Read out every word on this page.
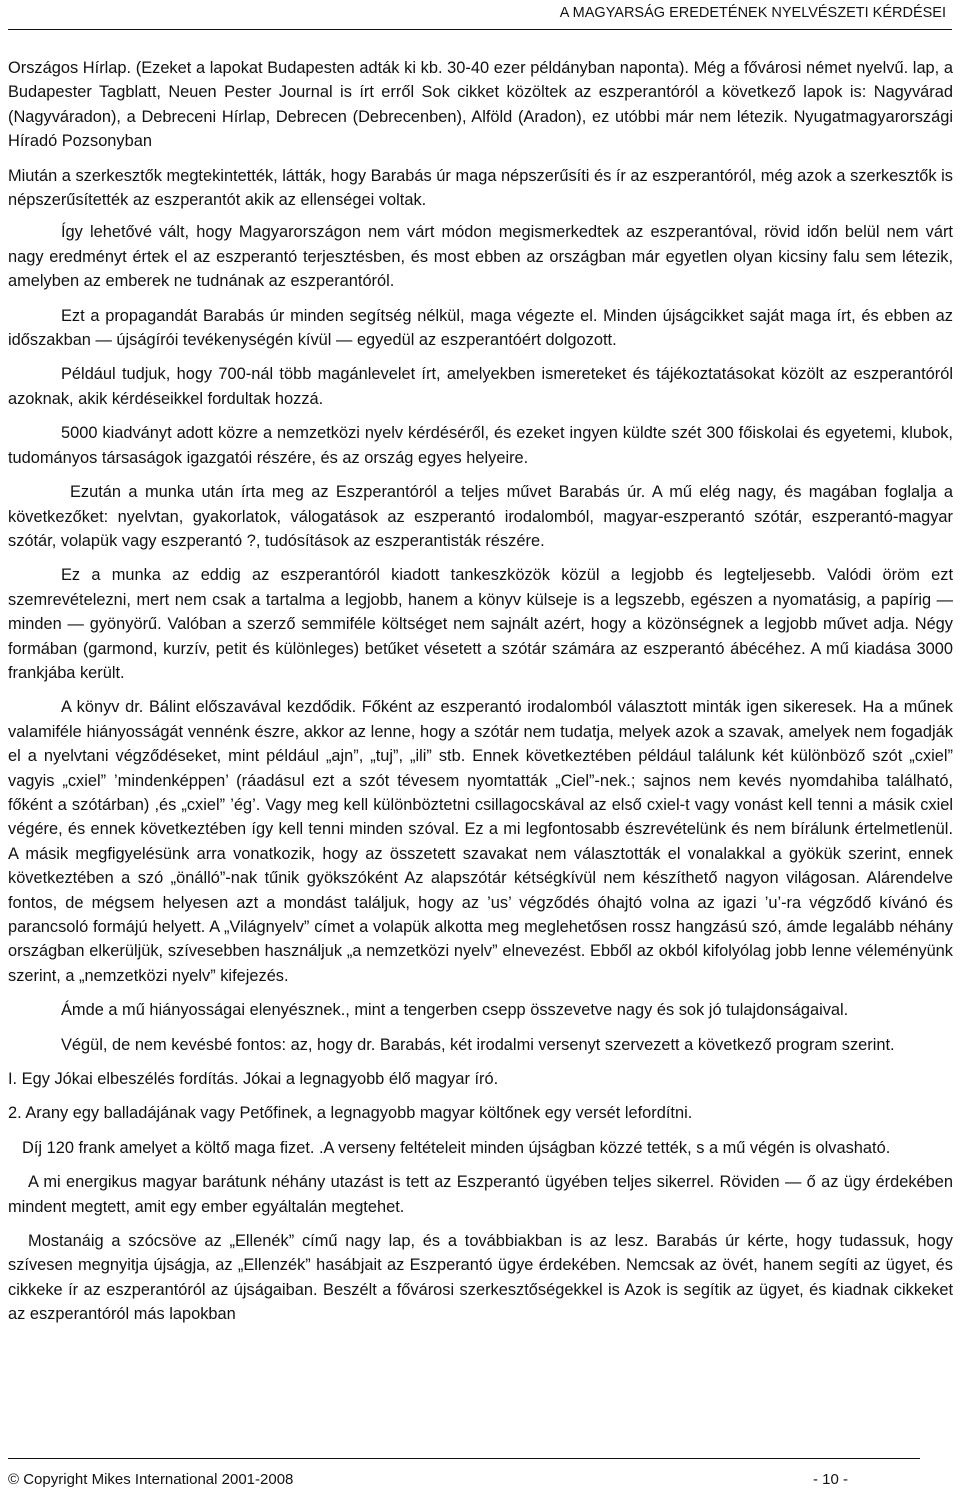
A MAGYARSÁG EREDETÉNEK NYELVÉSZETI KÉRDÉSEI

Országos Hírlap. (Ezeket a lapokat Budapesten adták ki kb. 30-40 ezer példányban naponta). Még a fővárosi német nyelvű. lap, a Budapester Tagblatt, Neuen Pester Journal is írt erről Sok cikket közöltek az eszperantóról a következő lapok is: Nagyvárad (Nagyváradon), a Debreceni Hírlap, Debrecen (Debrecenben), Alföld (Aradon), ez utóbbi már nem létezik. Nyugatmagyarországi Híradó Pozsonyban

Miután a szerkesztők megtekintették, látták, hogy Barabás úr maga népszerűsíti és ír az eszperantóról, még azok a szerkesztők is népszerűsítették az eszperantót akik az ellenségei voltak.

Így lehetővé vált, hogy Magyarországon nem várt módon megismerkedtek az eszperantóval, rövid időn belül nem várt nagy eredményt értek el az eszperantó terjesztésben, és most ebben az országban már egyetlen olyan kicsiny falu sem létezik, amelyben az emberek ne tudnának az eszperantóról.

Ezt a propagandát Barabás úr minden segítség nélkül, maga végezte el. Minden újságcikket saját maga írt, és ebben az időszakban — újságírói tevékenységén kívül — egyedül az eszperantóért dolgozott.

Például tudjuk, hogy 700-nál több magánlevelet írt, amelyekben ismereteket és tájékoztatásokat közölt az eszperantóról azoknak, akik kérdéseikkel fordultak hozzá.

5000 kiadványt adott közre a nemzetközi nyelv kérdéséről, és ezeket ingyen küldte szét 300 főiskolai és egyetemi, klubok, tudományos társaságok igazgatói részére, és az ország egyes helyeire.

Ezután a munka után írta meg az Eszperantóról a teljes művet Barabás úr. A mű elég nagy, és magában foglalja a következőket: nyelvtan, gyakorlatok, válogatások az eszperantó irodalomból, magyar-eszperantó szótár, eszperantó-magyar szótár, volapük vagy eszperantó ?, tudósítások az eszperantisták részére.

Ez a munka az eddig az eszperantóról kiadott tankeszközök közül a legjobb és legteljesebb. Valódi öröm ezt szemrevételezni, mert nem csak a tartalma a legjobb, hanem a könyv külseje is a legszebb, egészen a nyomatásig, a papírig — minden — gyönyörű. Valóban a szerző semmiféle költséget nem sajnált azért, hogy a közönségnek a legjobb művet adja. Négy formában (garmond, kurzív, petit és különleges) betűket vésetett a szótár számára az eszperantó ábécéhez. A mű kiadása 3000 frankjába került.

A könyv dr. Bálint előszavával kezdődik. Főként az eszperantó irodalomból választott minták igen sikeresek. Ha a műnek valamiféle hiányosságát vennénk észre, akkor az lenne, hogy a szótár nem tudatja, melyek azok a szavak, amelyek nem fogadják el a nyelvtani végződéseket, mint például „ajn”, „tuj”, „ili” stb. Ennek következtében például találunk két különböző szót „cxiel” vagyis „cxiel” ’mindenképpen’ (ráadásul ezt a szót tévesem nyomtatták „Ciel”-nek.; sajnos nem kevés nyomdahiba található, főként a szótárban) ,és „cxiel” ’ég’. Vagy meg kell különböztetni csillagocskával az első cxiel-t vagy vonást kell tenni a másik cxiel végére, és ennek következtében így kell tenni minden szóval. Ez a mi legfontosabb észrevételünk és nem bírálunk értelmetlenül. A másik megfigyelésünk arra vonatkozik, hogy az összetett szavakat nem választották el vonalakkal a gyökük szerint, ennek következtében a szó „önálló”-nak tűnik gyökszóként Az alapszótár kétségkívül nem készíthető nagyon világosan. Alárendelve fontos, de mégsem helyesen azt a mondást találjuk, hogy az ’us’ végződés óhajtó volna az igazi ’u’-ra végződő kívánó és parancsoló formájú helyett. A „Világnyelv” címet a volapük alkotta meg meglehetősen rossz hangzású szó, ámde legalább néhány országban elkerüljük, szívesebben használjuk „a nemzetközi nyelv” elnevezést. Ebből az okból kifolyólag jobb lenne véleményünk szerint, a „nemzetközi nyelv” kifejezés.

Ámde a mű hiányosságai elenyésznek., mint a tengerben csepp összevetve nagy és sok jó tulajdonságaival.

Végül, de nem kevésbé fontos: az, hogy dr. Barabás, két irodalmi versenyt szervezett a következő program szerint.

I. Egy Jókai elbeszélés fordítás. Jókai a legnagyobb élő magyar író.

2. Arany egy balladájának vagy Petőfinek, a legnagyobb magyar költőnek egy versét lefordítni.

Díj 120 frank amelyet a költő maga fizet. .A verseny feltételeit minden újságban közzé tették, s a mű végén is olvasható.

A mi energikus magyar barátunk néhány utazást is tett az Eszperantó ügyében teljes sikerrel. Röviden — ő az ügy érdekében mindent megtett, amit egy ember egyáltalán megtehet.

Mostanáig a szócsöve az „Ellenék” című nagy lap, és a továbbiakban is az lesz. Barabás úr kérte, hogy tudassuk, hogy szívesen megnyitja újságja, az „Ellenzék” hasábjait az Eszperantó ügye érdekében. Nemcsak az övét, hanem segíti az ügyet, és cikkeke ír az eszperantóról az újságaiban. Beszélt a fővárosi szerkesztőségekkel is Azok is segítik az ügyet, és kiadnak cikkeket az eszperantóról más lapokban

© Copyright Mikes International 2001-2008	- 10 -
